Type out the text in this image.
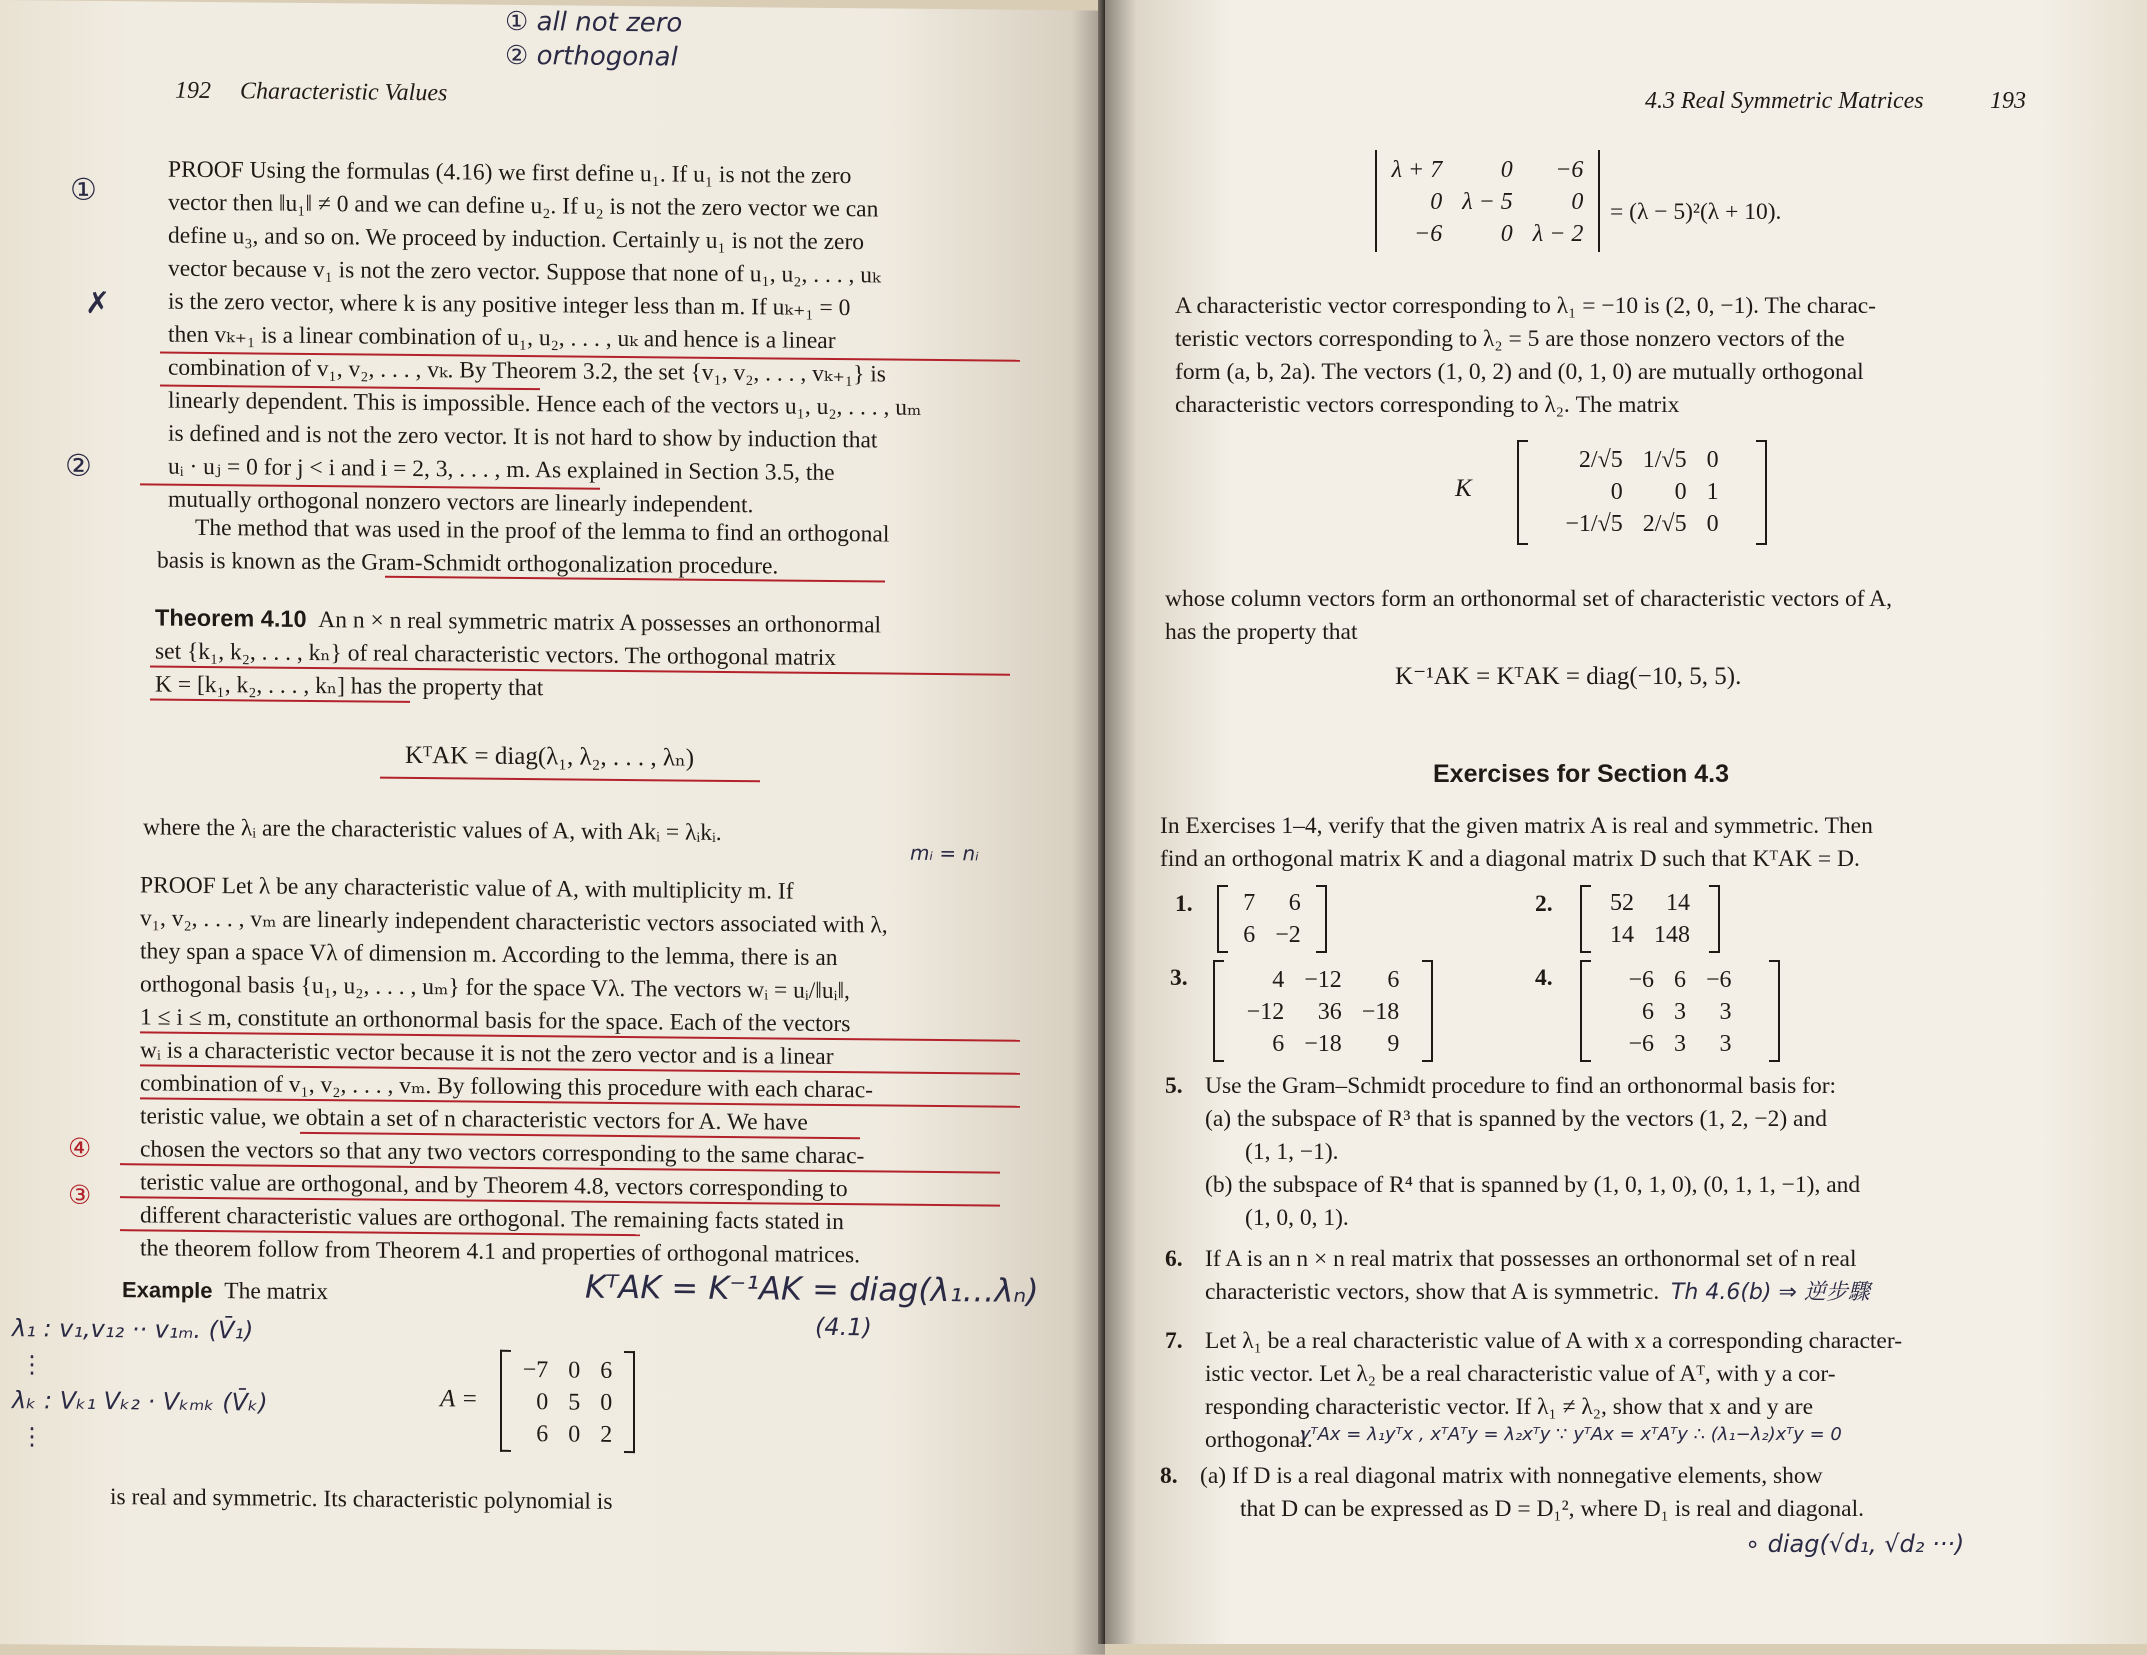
192 Characteristic Values
① all not zero
② orthogonal
①
✗
②
④
③
PROOF Using the formulas (4.16) we first define u₁. If u₁ is not the zero
vector then ‖u₁‖ ≠ 0 and we can define u₂. If u₂ is not the zero vector we can
define u₃, and so on. We proceed by induction. Certainly u₁ is not the zero
vector because v₁ is not the zero vector. Suppose that none of u₁, u₂, . . . , uₖ
is the zero vector, where k is any positive integer less than m. If uₖ₊₁ = 0
then vₖ₊₁ is a linear combination of u₁, u₂, . . . , uₖ and hence is a linear
combination of v₁, v₂, . . . , vₖ. By Theorem 3.2, the set {v₁, v₂, . . . , vₖ₊₁} is
linearly dependent. This is impossible. Hence each of the vectors u₁, u₂, . . . , uₘ
is defined and is not the zero vector. It is not hard to show by induction that
uᵢ · uⱼ = 0 for j < i and i = 2, 3, . . . , m. As explained in Section 3.5, the
mutually orthogonal nonzero vectors are linearly independent.
The method that was used in the proof of the lemma to find an orthogonal
basis is known as the Gram-Schmidt orthogonalization procedure.
Theorem 4.10 An n × n real symmetric matrix A possesses an orthonormal
set {k₁, k₂, . . . , kₙ} of real characteristic vectors. The orthogonal matrix
K = [k₁, k₂, . . . , kₙ] has the property that
KᵀAK = diag(λ₁, λ₂, . . . , λₙ)
where the λᵢ are the characteristic values of A, with Akᵢ = λᵢkᵢ.
mᵢ = nᵢ
PROOF Let λ be any characteristic value of A, with multiplicity m. If
v₁, v₂, . . . , vₘ are linearly independent characteristic vectors associated with λ,
they span a space Vλ of dimension m. According to the lemma, there is an
orthogonal basis {u₁, u₂, . . . , uₘ} for the space Vλ. The vectors wᵢ = uᵢ/‖uᵢ‖,
1 ≤ i ≤ m, constitute an orthonormal basis for the space. Each of the vectors
wᵢ is a characteristic vector because it is not the zero vector and is a linear
combination of v₁, v₂, . . . , vₘ. By following this procedure with each charac-
teristic value, we obtain a set of n characteristic vectors for A. We have
chosen the vectors so that any two vectors corresponding to the same charac-
teristic value are orthogonal, and by Theorem 4.8, vectors corresponding to
different characteristic values are orthogonal. The remaining facts stated in
the theorem follow from Theorem 4.1 and properties of orthogonal matrices.
Example The matrix	KᵀAK = K⁻¹AK = diag(λ₁…λₙ)
(4.1)
λ₁ : v₁,v₁₂ ·· v₁ₘ. (V̄₁)
⋮
λₖ : Vₖ₁ Vₖ₂ · Vₖₘₖ (V̄ₖ)
⋮
A =
−7	0	6
0	5	0
6	0	2
is real and symmetric. Its characteristic polynomial is
4.3 Real Symmetric Matrices	193
λ + 7	0	−6
0	λ − 5	0
−6	0	λ − 2
= (λ − 5)²(λ + 10).
A characteristic vector corresponding to λ₁ = −10 is (2, 0, −1). The charac-
teristic vectors corresponding to λ₂ = 5 are those nonzero vectors of the
form (a, b, 2a). The vectors (1, 0, 2) and (0, 1, 0) are mutually orthogonal
characteristic vectors corresponding to λ₂. The matrix
K
2/√5	1/√5	0
0	0	1
−1/√5	2/√5	0
whose column vectors form an orthonormal set of characteristic vectors of A,
has the property that
K⁻¹AK = KᵀAK = diag(−10, 5, 5).
Exercises for Section 4.3
In Exercises 1–4, verify that the given matrix A is real and symmetric. Then
find an orthogonal matrix K and a diagonal matrix D such that KᵀAK = D.
1. 7	6
6	−2
2. 52	14
14	148
3.	4	−12	6
−12	36	−18
6	−18	9
4.	−6	6	−6
6	3	3
−6	3	3
5. Use the Gram–Schmidt procedure to find an orthonormal basis for:
(a) the subspace of R³ that is spanned by the vectors (1, 2, −2) and
(1, 1, −1).
(b) the subspace of R⁴ that is spanned by (1, 0, 1, 0), (0, 1, 1, −1), and
(1, 0, 0, 1).
6. If A is an n × n real matrix that possesses an orthonormal set of n real
characteristic vectors, show that A is symmetric. Th 4.6(b) ⇒ 逆步驟
7. Let λ₁ be a real characteristic value of A with x a corresponding character-
istic vector. Let λ₂ be a real characteristic value of Aᵀ, with y a cor-
responding characteristic vector. If λ₁ ≠ λ₂, show that x and y are
orthogonal.
yᵀAx = λ₁yᵀx , xᵀAᵀy = λ₂xᵀy ∵ yᵀAx = xᵀAᵀy ∴ (λ₁−λ₂)xᵀy = 0
8. (a) If D is a real diagonal matrix with nonnegative elements, show
that D can be expressed as D = D₁², where D₁ is real and diagonal.
∘ diag(√d₁, √d₂ ···)
